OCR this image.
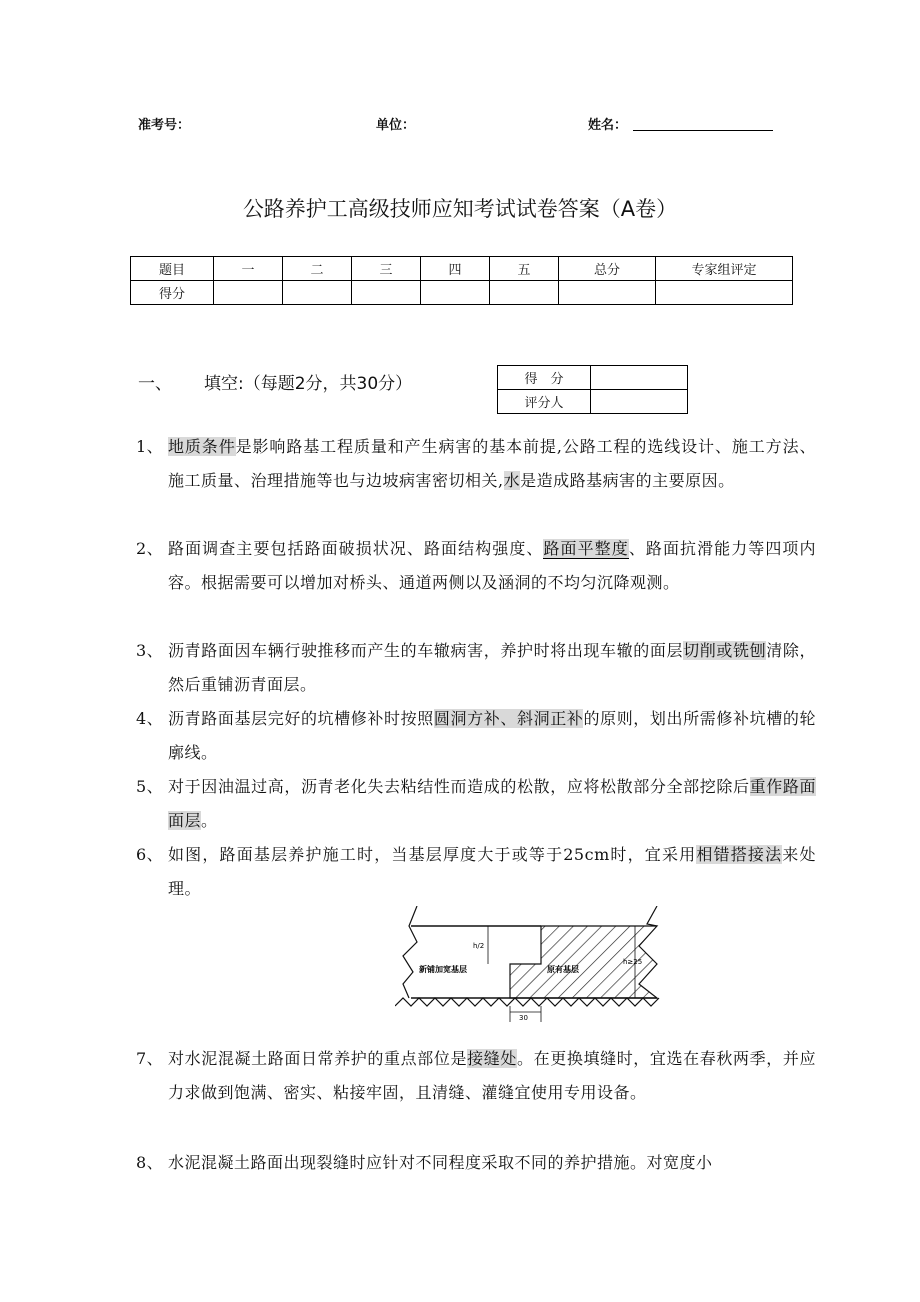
准考号：	单位：	姓名：
公路养护工高级技师应知考试试卷答案（A卷）
题目	一	二	三	四	五	总分	专家组评定
得分							
一、 填空:（每题2分，共30分）	得　分	
评分人	
1、 地质条件是影响路基工程质量和产生病害的基本前提,公路工程的选线设计、施工方法、施工质量、治理措施等也与边坡病害密切相关,水是造成路基病害的主要原因。
2、 路面调查主要包括路面破损状况、路面结构强度、路面平整度、路面抗滑能力等四项内容。根据需要可以增加对桥头、通道两侧以及涵洞的不均匀沉降观测。
3、 沥青路面因车辆行驶推移而产生的车辙病害，养护时将出现车辙的面层切削或铣刨清除，然后重铺沥青面层。
4、 沥青路面基层完好的坑槽修补时按照圆洞方补、斜洞正补的原则，划出所需修补坑槽的轮廓线。
5、 对于因油温过高，沥青老化失去粘结性而造成的松散，应将松散部分全部挖除后重作路面面层。
6、 如图，路面基层养护施工时，当基层厚度大于或等于25cm时，宜采用相错搭接法来处理。
h/2
h≥25
新铺加宽基层	原有基层
30
7、 对水泥混凝土路面日常养护的重点部位是接缝处。在更换填缝时，宜选在春秋两季，并应力求做到饱满、密实、粘接牢固，且清缝、灌缝宜使用专用设备。
8、 水泥混凝土路面出现裂缝时应针对不同程度采取不同的养护措施。对宽度小
